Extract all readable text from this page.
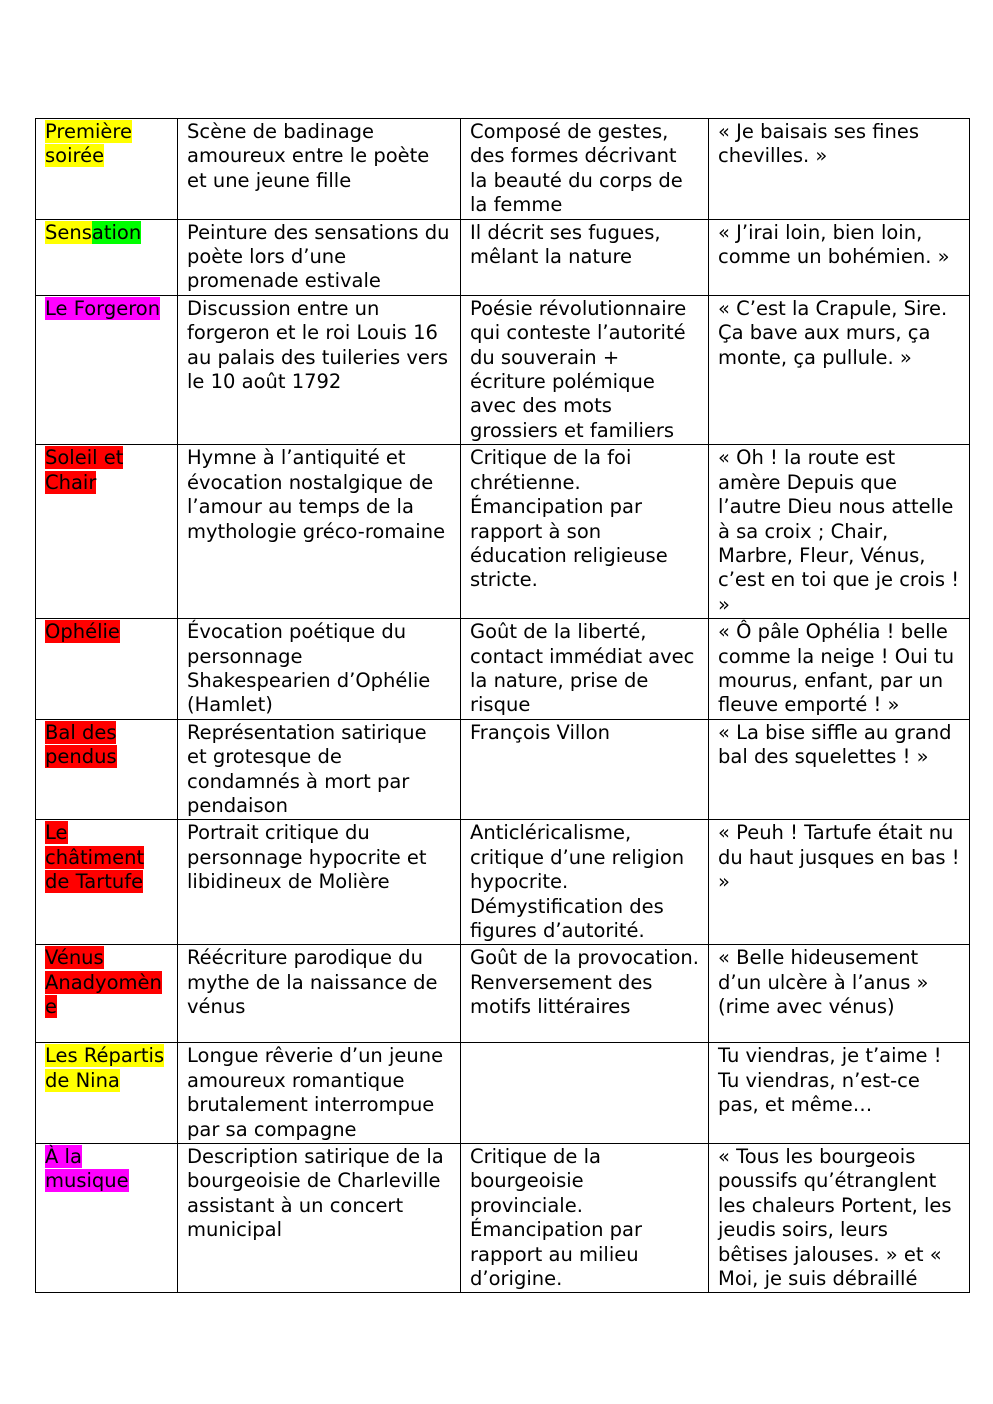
Première soirée	Scène de badinage amoureux entre le poète et une jeune fille	Composé de gestes, des formes décrivant la beauté du corps de la femme	« Je baisais ses fines chevilles. »
Sensation	Peinture des sensations du poète lors d’une promenade estivale	Il décrit ses fugues, mêlant la nature	« J’irai loin, bien loin, comme un bohémien. »
Le Forgeron	Discussion entre un forgeron et le roi Louis 16 au palais des tuileries vers le 10 août 1792	Poésie révolutionnaire qui conteste l’autorité du souverain + écriture polémique avec des mots grossiers et familiers	« C’est la Crapule, Sire. Ça bave aux murs, ça monte, ça pullule. »
Soleil et Chair	Hymne à l’antiquité et évocation nostalgique de l’amour au temps de la mythologie gréco-romaine	Critique de la foi chrétienne. Émancipation par rapport à son éducation religieuse stricte.	« Oh ! la route est amère Depuis que l’autre Dieu nous attelle à sa croix ; Chair, Marbre, Fleur, Vénus, c’est en toi que je crois ! »
Ophélie	Évocation poétique du personnage Shakespearien d’Ophélie (Hamlet)	Goût de la liberté, contact immédiat avec la nature, prise de risque	« Ô pâle Ophélia ! belle comme la neige ! Oui tu mourus, enfant, par un fleuve emporté ! »
Bal des pendus	Représentation satirique et grotesque de condamnés à mort par pendaison	François Villon	« La bise siffle au grand bal des squelettes ! »
Le châtiment de Tartufe	Portrait critique du personnage hypocrite et libidineux de Molière	Anticléricalisme, critique d’une religion hypocrite. Démystification des figures d’autorité.	« Peuh ! Tartufe était nu du haut jusques en bas ! »
Vénus Anadyomène	Réécriture parodique du mythe de la naissance de vénus	Goût de la provocation. Renversement des motifs littéraires	« Belle hideusement d’un ulcère à l’anus » (rime avec vénus)
Les Répartis de Nina	Longue rêverie d’un jeune amoureux romantique brutalement interrompue par sa compagne		Tu viendras, je t’aime ! Tu viendras, n’est-ce pas, et même…
À la musique	Description satirique de la bourgeoisie de Charleville assistant à un concert municipal	Critique de la bourgeoisie provinciale. Émancipation par rapport au milieu d’origine.	« Tous les bourgeois poussifs qu’étranglent les chaleurs Portent, les jeudis soirs, leurs bêtises jalouses. » et « Moi, je suis débraillé
